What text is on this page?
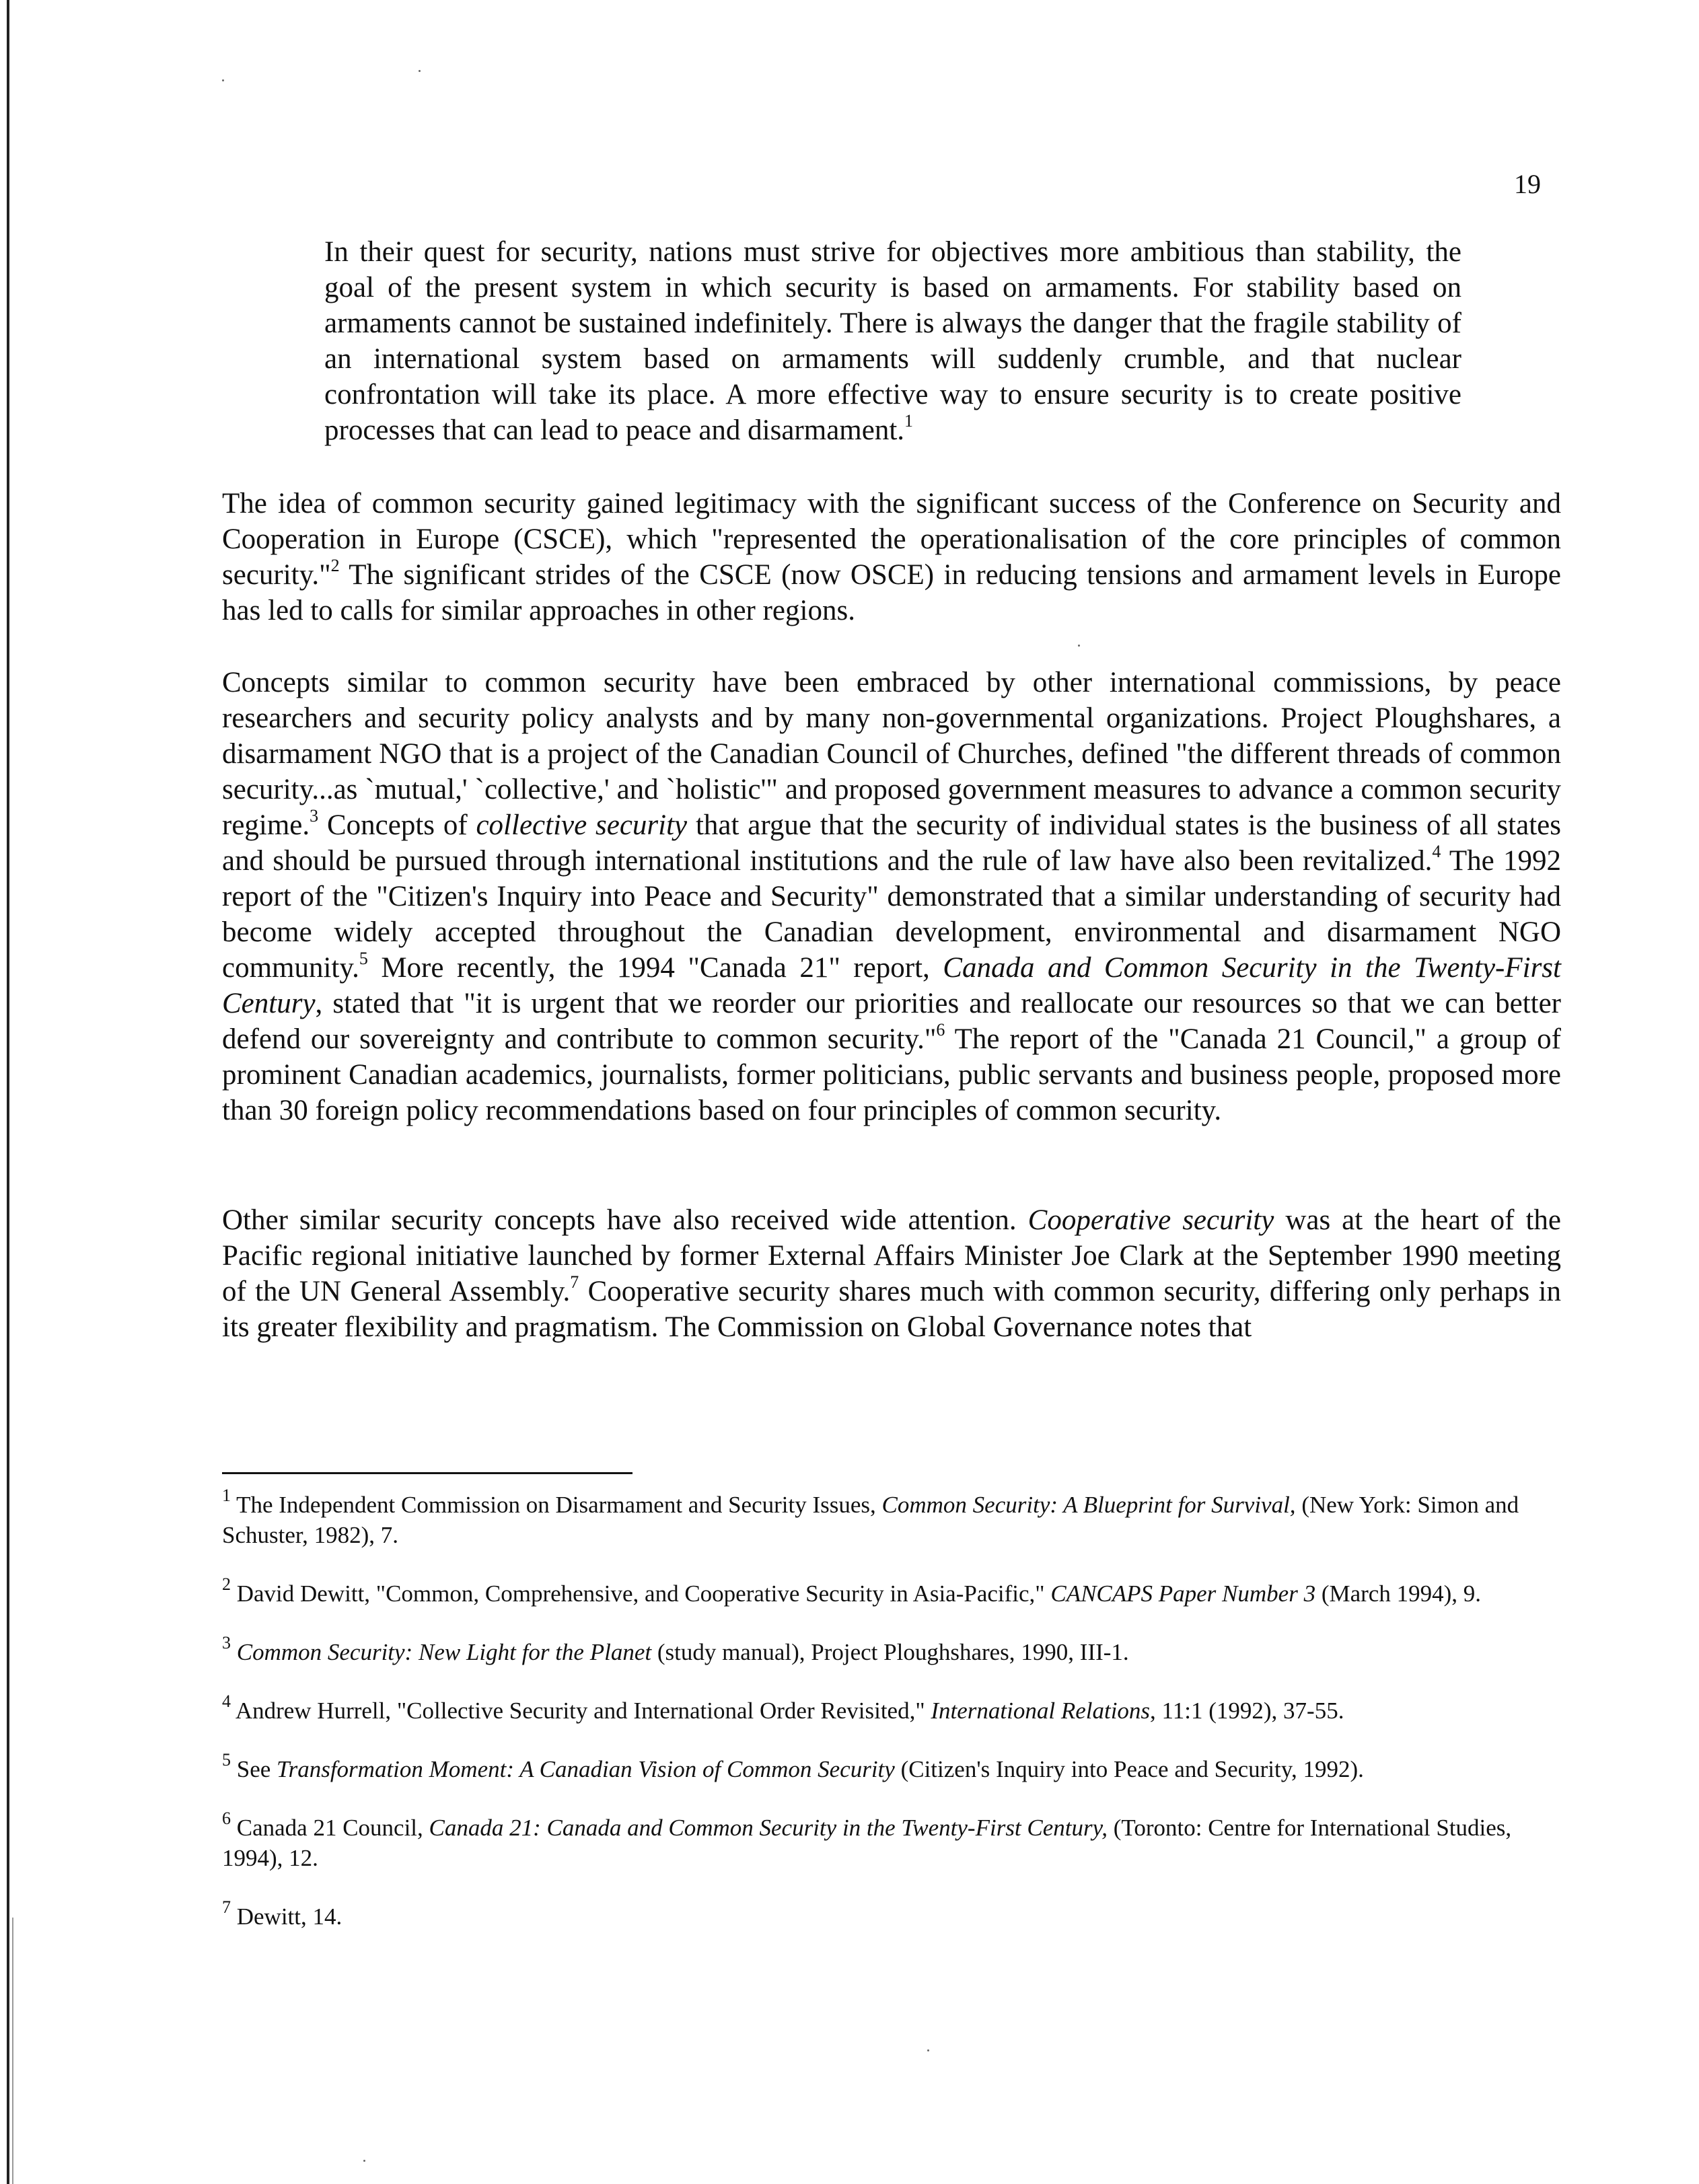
19

In their quest for security, nations must strive for objectives more ambitious than stability, the goal of the present system in which security is based on armaments. For stability based on armaments cannot be sustained indefinitely. There is always the danger that the fragile stability of an international system based on armaments will suddenly crumble, and that nuclear confrontation will take its place. A more effective way to ensure security is to create positive processes that can lead to peace and disarmament.$^1$

The idea of common security gained legitimacy with the significant success of the Conference on Security and Cooperation in Europe (CSCE), which "represented the operationalisation of the core principles of common security."$^2$ The significant strides of the CSCE (now OSCE) in reducing tensions and armament levels in Europe has led to calls for similar approaches in other regions.

Concepts similar to common security have been embraced by other international commissions, by peace researchers and security policy analysts and by many non-governmental organizations. Project Ploughshares, a disarmament NGO that is a project of the Canadian Council of Churches, defined "the different threads of common security...as `mutual,' `collective,' and `holistic'" and proposed government measures to advance a common security regime.$^3$ Concepts of collective security that argue that the security of individual states is the business of all states and should be pursued through international institutions and the rule of law have also been revitalized.$^4$ The 1992 report of the "Citizen's Inquiry into Peace and Security" demonstrated that a similar understanding of security had become widely accepted throughout the Canadian development, environmental and disarmament NGO community.$^5$ More recently, the 1994 "Canada 21" report, Canada and Common Security in the Twenty-First Century, stated that "it is urgent that we reorder our priorities and reallocate our resources so that we can better defend our sovereignty and contribute to common security."$^6$ The report of the "Canada 21 Council," a group of prominent Canadian academics, journalists, former politicians, public servants and business people, proposed more than 30 foreign policy recommendations based on four principles of common security.

Other similar security concepts have also received wide attention. Cooperative security was at the heart of the Pacific regional initiative launched by former External Affairs Minister Joe Clark at the September 1990 meeting of the UN General Assembly.$^7$ Cooperative security shares much with common security, differing only perhaps in its greater flexibility and pragmatism. The Commission on Global Governance notes that

$^1$ The Independent Commission on Disarmament and Security Issues, Common Security: A Blueprint for Survival, (New York: Simon and Schuster, 1982), 7.
$^2$ David Dewitt, "Common, Comprehensive, and Cooperative Security in Asia-Pacific," CANCAPS Paper Number 3 (March 1994), 9.
$^3$ Common Security: New Light for the Planet (study manual), Project Ploughshares, 1990, III-1.
$^4$ Andrew Hurrell, "Collective Security and International Order Revisited," International Relations, 11:1 (1992), 37-55.
$^5$ See Transformation Moment: A Canadian Vision of Common Security (Citizen's Inquiry into Peace and Security, 1992).
$^6$ Canada 21 Council, Canada 21: Canada and Common Security in the Twenty-First Century, (Toronto: Centre for International Studies, 1994), 12.
$^7$ Dewitt, 14.
